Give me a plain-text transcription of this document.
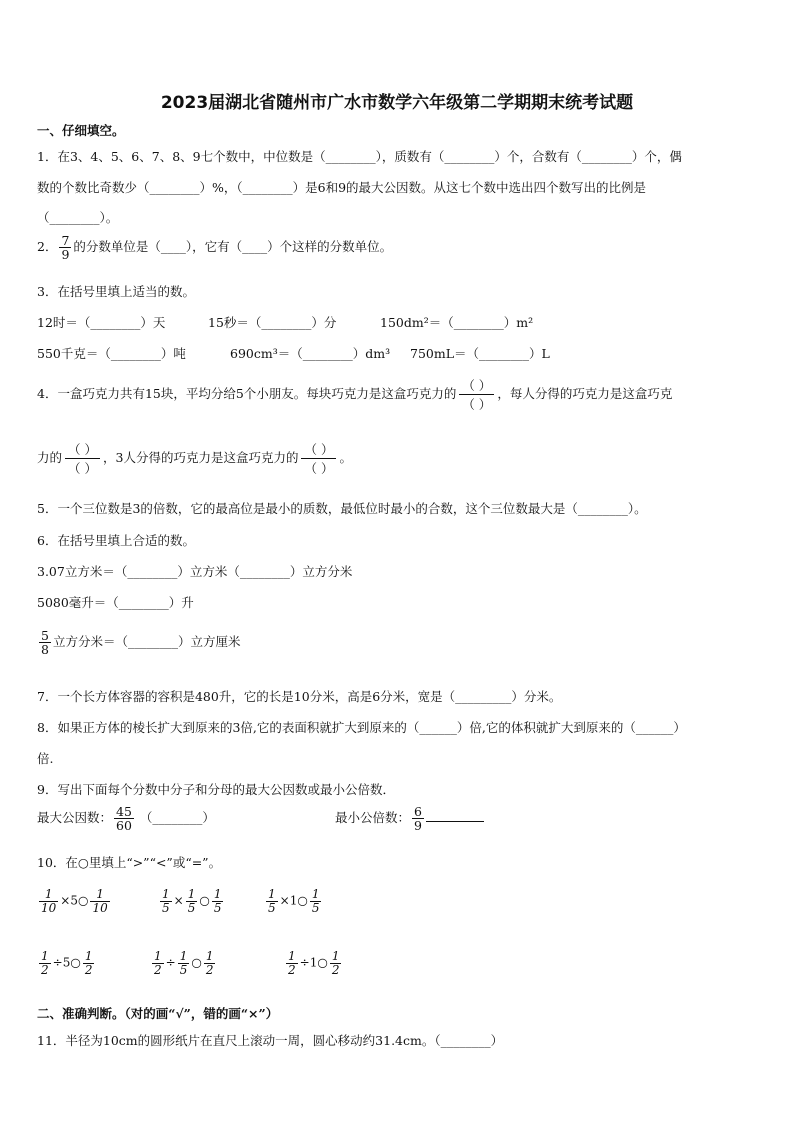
2023届湖北省随州市广水市数学六年级第二学期期末统考试题
一、仔细填空。
1．在3、4、5、6、7、8、9七个数中，中位数是（________），质数有（________）个，合数有（________）个，偶
数的个数比奇数少（________）%，（________）是6和9的最大公因数。从这七个数中选出四个数写出的比例是
（________）。
2． $\frac{7}{9}$ 的分数单位是（____），它有（____）个这样的分数单位。
3．在括号里填上适当的数。
12时＝（________）天	15秒＝（________）分	150dm²＝（________）m²
550千克＝（________）吨	690cm³＝（________）dm³ 750mL＝（________）L
4．一盒巧克力共有15块，平均分给5个小朋友。每块巧克力是这盒巧克力的
（ ）
（ ）
，每人分得的巧克力是这盒巧克
力的
（ ）
（ ）
，3人分得的巧克力是这盒巧克力的
（ ）
（ ）
。
5．一个三位数是3的倍数，它的最高位是最小的质数，最低位时最小的合数，这个三位数最大是（________）。
6．在括号里填上合适的数。
3.07立方米＝（________）立方米（________）立方分米
5080毫升＝（________）升
$\frac{5}{8}$ 立方分米＝（________）立方厘米
7．一个长方体容器的容积是480升，它的长是10分米，高是6分米，宽是（_________）分米。
8．如果正方体的棱长扩大到原来的3倍,它的表面积就扩大到原来的（______）倍,它的体积就扩大到原来的（______）
倍.
9．写出下面每个分数中分子和分母的最大公因数或最小公倍数．
最大公因数： $\frac{45}{60}$ （________）	最小公倍数： $\frac{6}{9}$
10．在○里填上“>”“<”或“=”。
$\frac{1}{10}$ ×5○ $\frac{1}{10}$	$\frac{1}{5} \times \frac{1}{5}$ ○ $\frac{1}{5}$	$\frac{1}{5}$ ×1○ $\frac{1}{5}$
$\frac{1}{2}$ ÷5○ $\frac{1}{2}$	$\frac{1}{2} \div \frac{1}{5}$ ○ $\frac{1}{2}$	$\frac{1}{2}$ ÷1○ $\frac{1}{2}$
二、准确判断。（对的画“√”，错的画“×”）
11．半径为10cm的圆形纸片在直尺上滚动一周，圆心移动约31.4cm。（________）
